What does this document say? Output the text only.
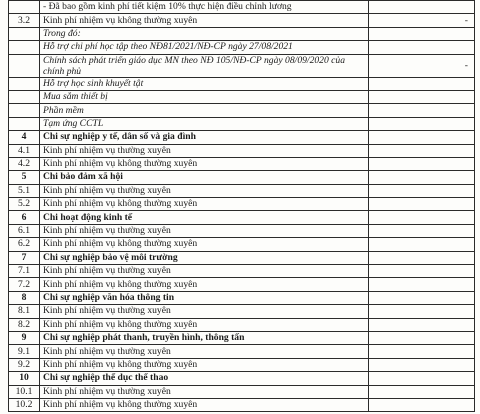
	- Đã bao gồm kinh phí tiết kiệm 10% thực hiện điều chỉnh lương	

3.2	Kinh phí nhiệm vụ không thường xuyên	-

	Trong đó:	

	Hỗ trợ chi phí học tập theo NĐ81/2021/NĐ-CP ngày 27/08/2021	

	Chính sách phát triển giáo dục MN theo NĐ 105/NĐ-CP ngày 08/09/2020 của chính phủ	-

	Hỗ trợ học sinh khuyết tật	

	Mua sắm thiết bị	

	Phần mềm	

	Tạm ứng CCTL	

4	Chi sự nghiệp y tế, dân số và gia đình	

4.1	Kinh phí nhiệm vụ thường xuyên	

4.2	Kinh phí nhiệm vụ không thường xuyên	

5	Chi bảo đảm xã hội	

5.1	Kinh phí nhiệm vụ thường xuyên	

5.2	Kinh phí nhiệm vụ không thường xuyên	

6	Chi hoạt động kinh tế	

6.1	Kinh phí nhiệm vụ thường xuyên	

6.2	Kinh phí nhiệm vụ không thường xuyên	

7	Chi sự nghiệp bảo vệ môi trường	

7.1	Kinh phí nhiệm vụ thường xuyên	

7.2	Kinh phí nhiệm vụ không thường xuyên	

8	Chi sự nghiệp văn hóa thông tin	

8.1	Kinh phí nhiệm vụ thường xuyên	

8.2	Kinh phí nhiệm vụ không thường xuyên	

9	Chi sự nghiệp phát thanh, truyền hình, thông tấn	

9.1	Kinh phí nhiệm vụ thường xuyên	

9.2	Kinh phí nhiệm vụ không thường xuyên	

10	Chi sự nghiệp thể dục thể thao	

10.1	Kinh phí nhiệm vụ thường xuyên	

10.2	Kinh phí nhiệm vụ không thường xuyên	
